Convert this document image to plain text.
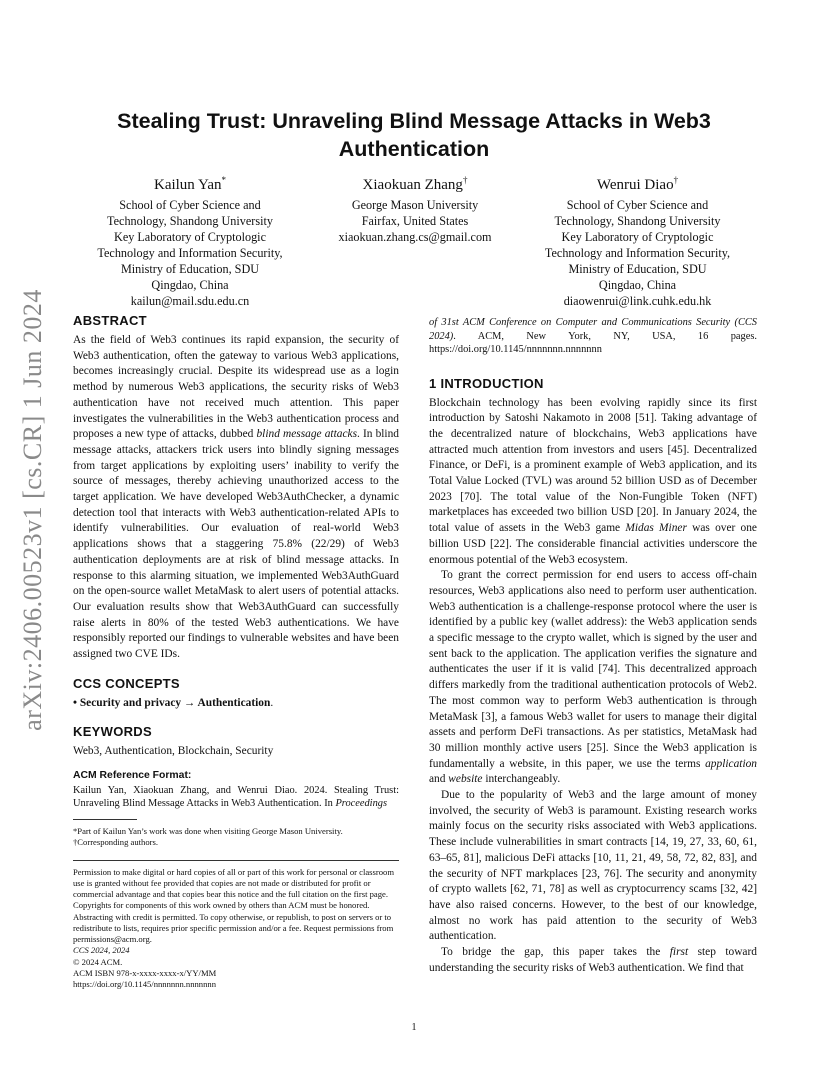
arXiv:2406.00523v1 [cs.CR] 1 Jun 2024
Stealing Trust: Unraveling Blind Message Attacks in Web3 Authentication
Kailun Yan*
School of Cyber Science and
Technology, Shandong University
Key Laboratory of Cryptologic
Technology and Information Security,
Ministry of Education, SDU
Qingdao, China
kailun@mail.sdu.edu.cn
Xiaokuan Zhang†
George Mason University
Fairfax, United States
xiaokuan.zhang.cs@gmail.com
Wenrui Diao†
School of Cyber Science and
Technology, Shandong University
Key Laboratory of Cryptologic
Technology and Information Security,
Ministry of Education, SDU
Qingdao, China
diaowenrui@link.cuhk.edu.hk
ABSTRACT

As the field of Web3 continues its rapid expansion, the security of Web3 authentication, often the gateway to various Web3 applications, becomes increasingly crucial. Despite its widespread use as a login method by numerous Web3 applications, the security risks of Web3 authentication have not received much attention. This paper investigates the vulnerabilities in the Web3 authentication process and proposes a new type of attacks, dubbed blind message attacks. In blind message attacks, attackers trick users into blindly signing messages from target applications by exploiting users’ inability to verify the source of messages, thereby achieving unauthorized access to the target application. We have developed Web3AuthChecker, a dynamic detection tool that interacts with Web3 authentication-related APIs to identify vulnerabilities. Our evaluation of real-world Web3 applications shows that a staggering 75.8% (22/29) of Web3 authentication deployments are at risk of blind message attacks. In response to this alarming situation, we implemented Web3AuthGuard on the open-source wallet MetaMask to alert users of potential attacks. Our evaluation results show that Web3AuthGuard can successfully raise alerts in 80% of the tested Web3 authentications. We have responsibly reported our findings to vulnerable websites and have been assigned two CVE IDs.

CCS CONCEPTS

• Security and privacy → Authentication.

KEYWORDS

Web3, Authentication, Blockchain, Security

ACM Reference Format:

Kailun Yan, Xiaokuan Zhang, and Wenrui Diao. 2024. Stealing Trust: Unraveling Blind Message Attacks in Web3 Authentication. In Proceedings

*Part of Kailun Yan’s work was done when visiting George Mason University.
†Corresponding authors.
Permission to make digital or hard copies of all or part of this work for personal or classroom use is granted without fee provided that copies are not made or distributed for profit or commercial advantage and that copies bear this notice and the full citation on the first page. Copyrights for components of this work owned by others than ACM must be honored. Abstracting with credit is permitted. To copy otherwise, or republish, to post on servers or to redistribute to lists, requires prior specific permission and/or a fee. Request permissions from permissions@acm.org.
CCS 2024, 2024
© 2024 ACM.
ACM ISBN 978-x-xxxx-xxxx-x/YY/MM
https://doi.org/10.1145/nnnnnnn.nnnnnnn

of 31st ACM Conference on Computer and Communications Security (CCS 2024). ACM, New York, NY, USA, 16 pages. https://doi.org/10.1145/nnnnnnn.nnnnnnn

1 INTRODUCTION

Blockchain technology has been evolving rapidly since its first introduction by Satoshi Nakamoto in 2008 [51]. Taking advantage of the decentralized nature of blockchains, Web3 applications have attracted much attention from investors and users [45]. Decentralized Finance, or DeFi, is a prominent example of Web3 application, and its Total Value Locked (TVL) was around 52 billion USD as of December 2023 [70]. The total value of the Non-Fungible Token (NFT) marketplaces has exceeded two billion USD [20]. In January 2024, the total value of assets in the Web3 game Midas Miner was over one billion USD [22]. The considerable financial activities underscore the enormous potential of the Web3 ecosystem.

To grant the correct permission for end users to access off-chain resources, Web3 applications also need to perform user authentication. Web3 authentication is a challenge-response protocol where the user is identified by a public key (wallet address): the Web3 application sends a specific message to the crypto wallet, which is signed by the user and sent back to the application. The application verifies the signature and authenticates the user if it is valid [74]. This decentralized approach differs markedly from the traditional authentication protocols of Web2. The most common way to perform Web3 authentication is through MetaMask [3], a famous Web3 wallet for users to manage their digital assets and perform DeFi transactions. As per statistics, MetaMask had 30 million monthly active users [25]. Since the Web3 application is fundamentally a website, in this paper, we use the terms application and website interchangeably.

Due to the popularity of Web3 and the large amount of money involved, the security of Web3 is paramount. Existing research works mainly focus on the security risks associated with Web3 applications. These include vulnerabilities in smart contracts [14, 19, 27, 33, 60, 61, 63–65, 81], malicious DeFi attacks [10, 11, 21, 49, 58, 72, 82, 83], and the security of NFT markplaces [23, 76]. The security and anonymity of crypto wallets [62, 71, 78] as well as cryptocurrency scams [32, 42] have also raised concerns. However, to the best of our knowledge, almost no work has paid attention to the security of Web3 authentication.

To bridge the gap, this paper takes the first step toward understanding the security risks of Web3 authentication. We find that

1
